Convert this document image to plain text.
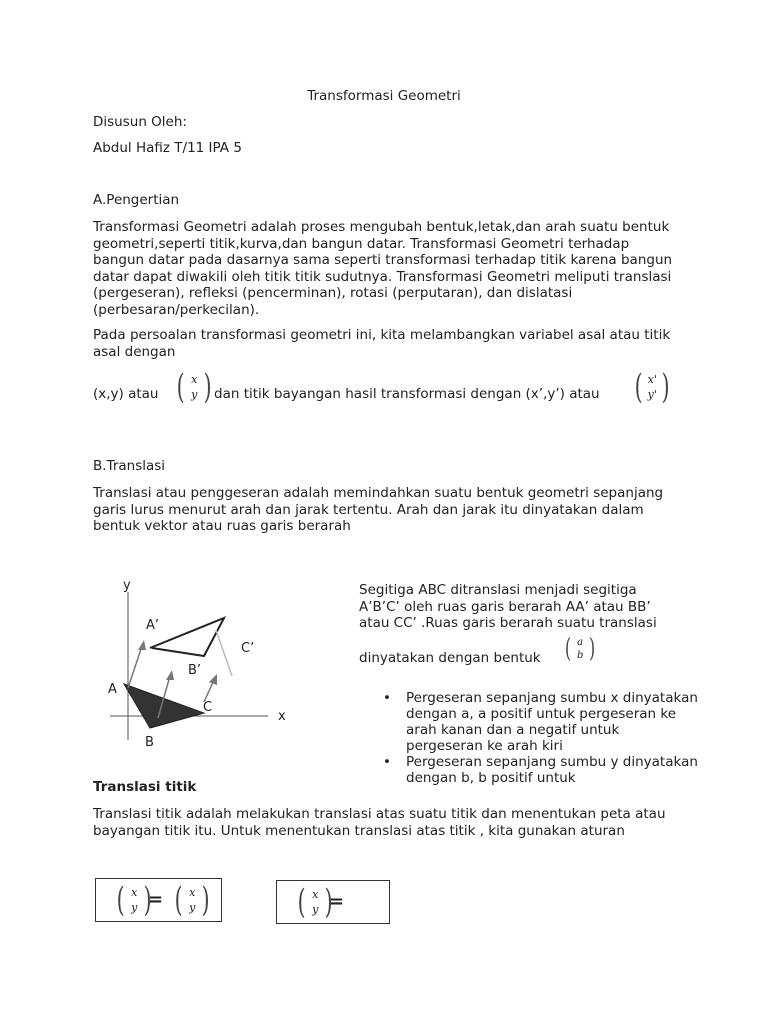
Transformasi Geometri
Disusun Oleh:
Abdul Hafiz T/11 IPA 5
A.Pengertian
Transformasi Geometri adalah proses mengubah bentuk,letak,dan arah suatu bentuk geometri,seperti titik,kurva,dan bangun datar. Transformasi Geometri terhadap bangun datar pada dasarnya sama seperti transformasi terhadap titik karena bangun datar dapat diwakili oleh titik titik sudutnya. Transformasi Geometri meliputi translasi (pergeseran), refleksi (pencerminan), rotasi (perputaran), dan dislatasi (perbesaran/perkecilan).
Pada persoalan transformasi geometri ini, kita melambangkan variabel asal atau titik asal dengan
(x,y) atau ( x
y ) dan titik bayangan hasil transformasi dengan (x’,y’) atau ( x'
y' )
B.Translasi
Translasi atau penggeseran adalah memindahkan suatu bentuk geometri sepanjang garis lurus menurut arah dan jarak tertentu. Arah dan jarak itu dinyatakan dalam bentuk vektor atau ruas garis berarah
y
x
A
B
C
A’
B’
C’
Segitiga ABC ditranslasi menjadi segitiga A’B’C’ oleh ruas garis berarah AA’ atau BB’ atau CC’ .Ruas garis berarah suatu translasi
dinyatakan dengan bentuk ( a
b )
• Pergeseran sepanjang sumbu x dinyatakan dengan a, a positif untuk pergeseran ke arah kanan dan a negatif untuk pergeseran ke arah kiri
• Pergeseran sepanjang sumbu y dinyatakan dengan b, b positif untuk
Translasi titik
Translasi titik adalah melakukan translasi atas suatu titik dan menentukan peta atau bayangan titik itu. Untuk menentukan translasi atas titik , kita gunakan aturan
( x
y )
= ( x
y )	( x
y )
=
